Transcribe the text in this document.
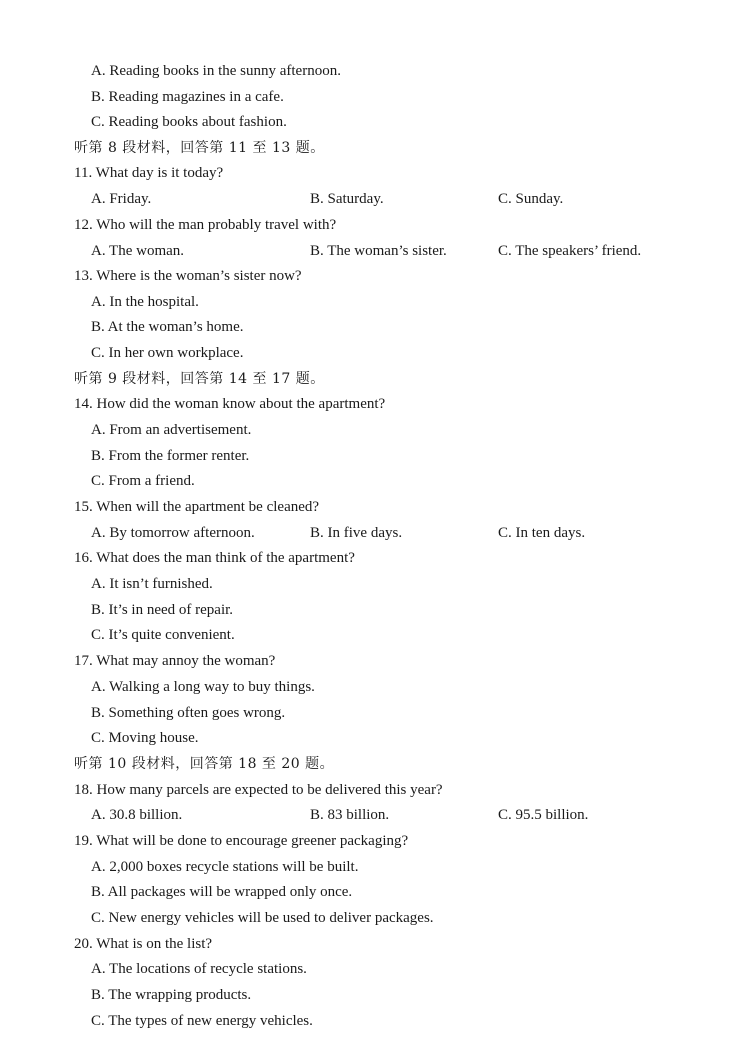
A. Reading books in the sunny afternoon.
B. Reading magazines in a cafe.
C. Reading books about fashion.
听第 8 段材料，回答第 11 至 13 题。
11. What day is it today?
A. Friday.	B. Saturday.	C. Sunday.
12. Who will the man probably travel with?
A. The woman.	B. The woman’s sister.	C. The speakers’ friend.
13. Where is the woman’s sister now?
A. In the hospital.
B. At the woman’s home.
C. In her own workplace.
听第 9 段材料，回答第 14 至 17 题。
14. How did the woman know about the apartment?
A. From an advertisement.
B. From the former renter.
C. From a friend.
15. When will the apartment be cleaned?
A. By tomorrow afternoon.	B. In five days.	C. In ten days.
16. What does the man think of the apartment?
A. It isn’t furnished.
B. It’s in need of repair.
C. It’s quite convenient.
17. What may annoy the woman?
A. Walking a long way to buy things.
B. Something often goes wrong.
C. Moving house.
听第 10 段材料，回答第 18 至 20 题。
18. How many parcels are expected to be delivered this year?
A. 30.8 billion.	B. 83 billion.	C. 95.5 billion.
19. What will be done to encourage greener packaging?
A. 2,000 boxes recycle stations will be built.
B. All packages will be wrapped only once.
C. New energy vehicles will be used to deliver packages.
20. What is on the list?
A. The locations of recycle stations.
B. The wrapping products.
C. The types of new energy vehicles.
